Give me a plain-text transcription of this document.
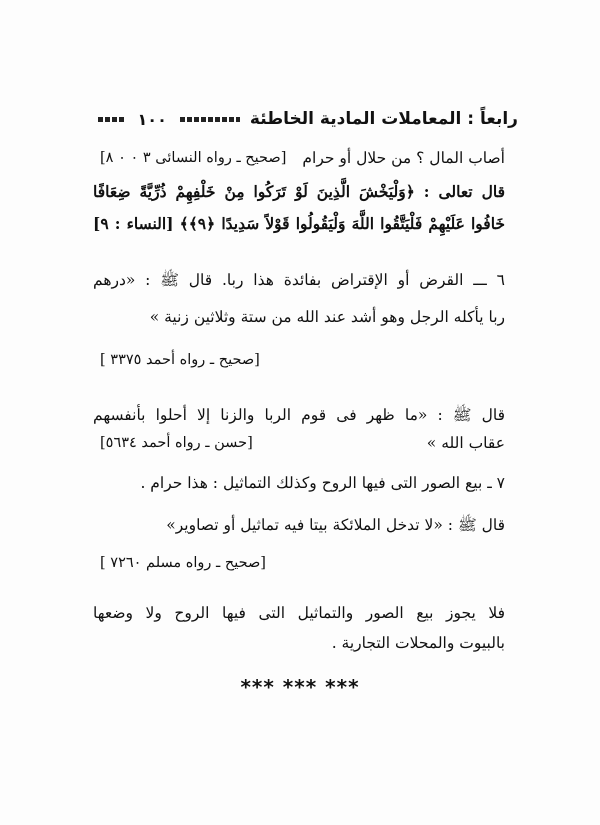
١٠٠	رابعاً : المعاملات المادية الخاطئة
أصاب المال ؟ من حلال أو حرام
[صحيح ـ رواه النسائى ٣ ٠ ٠ ٨]
قال تعالى : ﴿وَلْيَخْشَ الَّذِينَ لَوْ تَرَكُوا مِنْ خَلْفِهِمْ ذُرِّيَّةً ضِعَافًا
خَافُوا عَلَيْهِمْ فَلْيَتَّقُوا اللَّهَ وَلْيَقُولُوا قَوْلاً سَدِيدًا ﴿٩﴾﴾ [النساء : ٩]
٦ ـــ القرض أو الإقتراض بفائدة هذا ربا. قال ﷺ : «درهم
ربا يأكله الرجل وهو أشد عند الله من ستة وثلاثين زنية »
[صحيح ـ رواه أحمد ٣٣٧٥ ]
قال ﷺ : «ما ظهر فى قوم الربا والزنا إلا أحلوا بأنفسهم
عقاب الله »
[حسن ـ رواه أحمد ٥٦٣٤]
٧ ـ بيع الصور التى فيها الروح وكذلك التماثيل : هذا حرام .
قال ﷺ : «لا تدخل الملائكة بيتا فيه تماثيل أو تصاوير»
[صحيح ـ رواه مسلم ٧٢٦٠ ]
فلا يجوز بيع الصور والتماثيل التى فيها الروح ولا وضعها
بالبيوت والمحلات التجارية .
*** *** ***
